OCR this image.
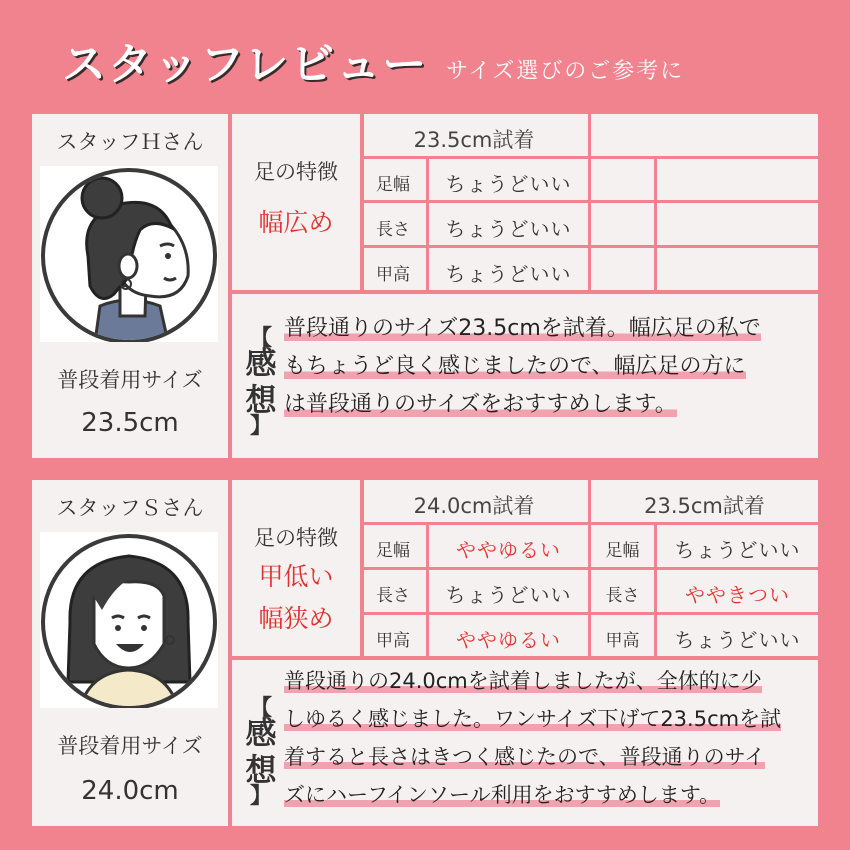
スタッフレビュー サイズ選びのご参考に
スタッフＨさん
普段着用サイズ
23.5cm
足の特徴
幅広め
23.5cm試着
足幅
長さ
甲高
ちょうどいい
ちょうどいい
ちょうどいい
【
感
想
】
普段通りのサイズ23.5cmを試着。幅広足の私で
もちょうど良く感じましたので、幅広足の方に
は普段通りのサイズをおすすめします。
スタッフＳさん
普段着用サイズ
24.0cm
足の特徴
甲低い
幅狭め
24.0cm試着	23.5cm試着
足幅
長さ
甲高
ややゆるい
ちょうどいい
ややゆるい
足幅
長さ
甲高
ちょうどいい
ややきつい
ちょうどいい
【
感
想
】
普段通りの24.0cmを試着しましたが、全体的に少
しゆるく感じました。ワンサイズ下げて23.5cmを試
着すると長さはきつく感じたので、普段通りのサイ
ズにハーフインソール利用をおすすめします。
